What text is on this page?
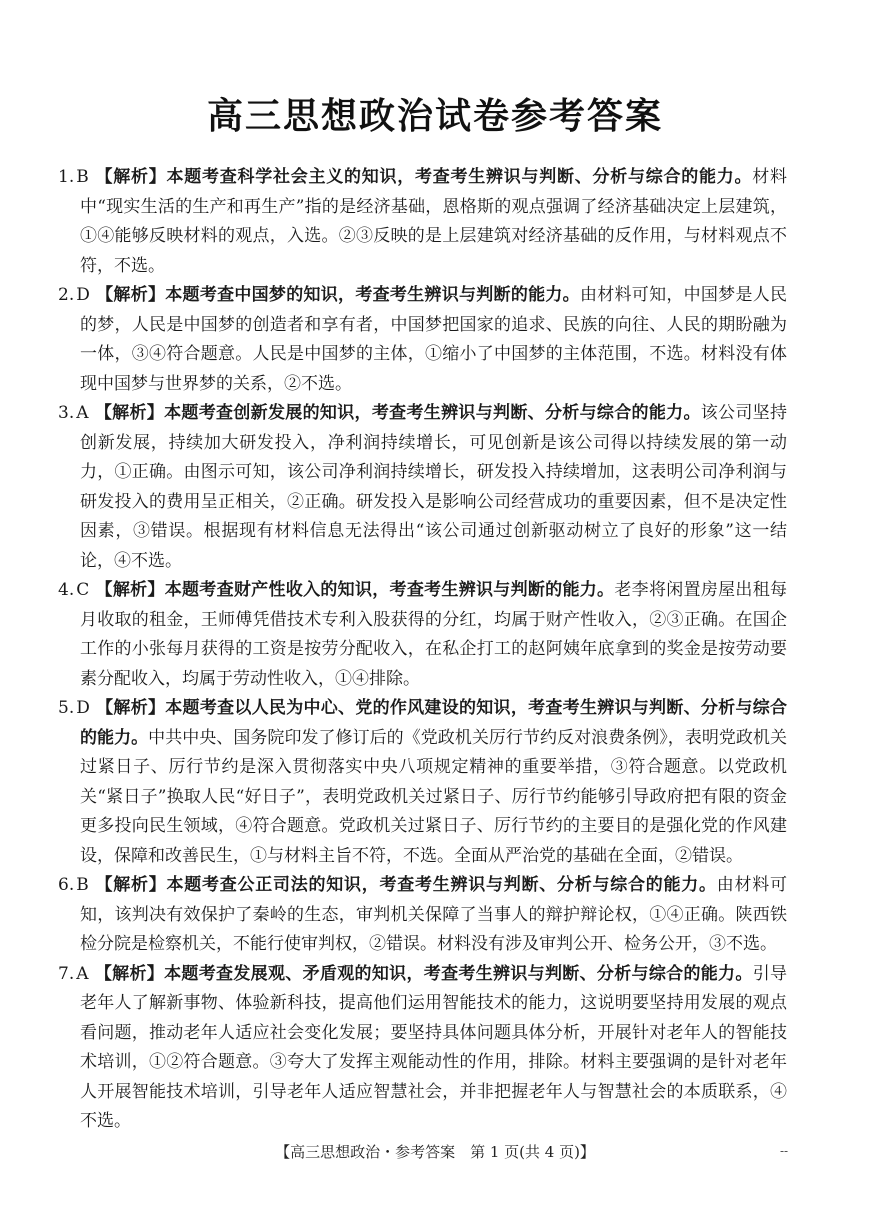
高三思想政治试卷参考答案
1. B 【解析】本题考查科学社会主义的知识，考查考生辨识与判断、分析与综合的能力。材料中“现实生活的生产和再生产”指的是经济基础，恩格斯的观点强调了经济基础决定上层建筑，①④能够反映材料的观点，入选。②③反映的是上层建筑对经济基础的反作用，与材料观点不符，不选。
2. D 【解析】本题考查中国梦的知识，考查考生辨识与判断的能力。由材料可知，中国梦是人民的梦，人民是中国梦的创造者和享有者，中国梦把国家的追求、民族的向往、人民的期盼融为一体，③④符合题意。人民是中国梦的主体，①缩小了中国梦的主体范围，不选。材料没有体现中国梦与世界梦的关系，②不选。
3. A 【解析】本题考查创新发展的知识，考查考生辨识与判断、分析与综合的能力。该公司坚持创新发展，持续加大研发投入，净利润持续增长，可见创新是该公司得以持续发展的第一动力，①正确。由图示可知，该公司净利润持续增长，研发投入持续增加，这表明公司净利润与研发投入的费用呈正相关，②正确。研发投入是影响公司经营成功的重要因素，但不是决定性因素，③错误。根据现有材料信息无法得出“该公司通过创新驱动树立了良好的形象”这一结论，④不选。
4. C 【解析】本题考查财产性收入的知识，考查考生辨识与判断的能力。老李将闲置房屋出租每月收取的租金，王师傅凭借技术专利入股获得的分红，均属于财产性收入，②③正确。在国企工作的小张每月获得的工资是按劳分配收入，在私企打工的赵阿姨年底拿到的奖金是按劳动要素分配收入，均属于劳动性收入，①④排除。
5. D 【解析】本题考查以人民为中心、党的作风建设的知识，考查考生辨识与判断、分析与综合的能力。中共中央、国务院印发了修订后的《党政机关厉行节约反对浪费条例》，表明党政机关过紧日子、厉行节约是深入贯彻落实中央八项规定精神的重要举措，③符合题意。以党政机关“紧日子”换取人民“好日子”，表明党政机关过紧日子、厉行节约能够引导政府把有限的资金更多投向民生领域，④符合题意。党政机关过紧日子、厉行节约的主要目的是强化党的作风建设，保障和改善民生，①与材料主旨不符，不选。全面从严治党的基础在全面，②错误。
6. B 【解析】本题考查公正司法的知识，考查考生辨识与判断、分析与综合的能力。由材料可知，该判决有效保护了秦岭的生态，审判机关保障了当事人的辩护辩论权，①④正确。陕西铁检分院是检察机关，不能行使审判权，②错误。材料没有涉及审判公开、检务公开，③不选。
7. A 【解析】本题考查发展观、矛盾观的知识，考查考生辨识与判断、分析与综合的能力。引导老年人了解新事物、体验新科技，提高他们运用智能技术的能力，这说明要坚持用发展的观点看问题，推动老年人适应社会变化发展；要坚持具体问题具体分析，开展针对老年人的智能技术培训，①②符合题意。③夸大了发挥主观能动性的作用，排除。材料主要强调的是针对老年人开展智能技术培训，引导老年人适应智慧社会，并非把握老年人与智慧社会的本质联系，④不选。
【高三思想政治・参考答案　第 1 页(共 4 页)】	--
